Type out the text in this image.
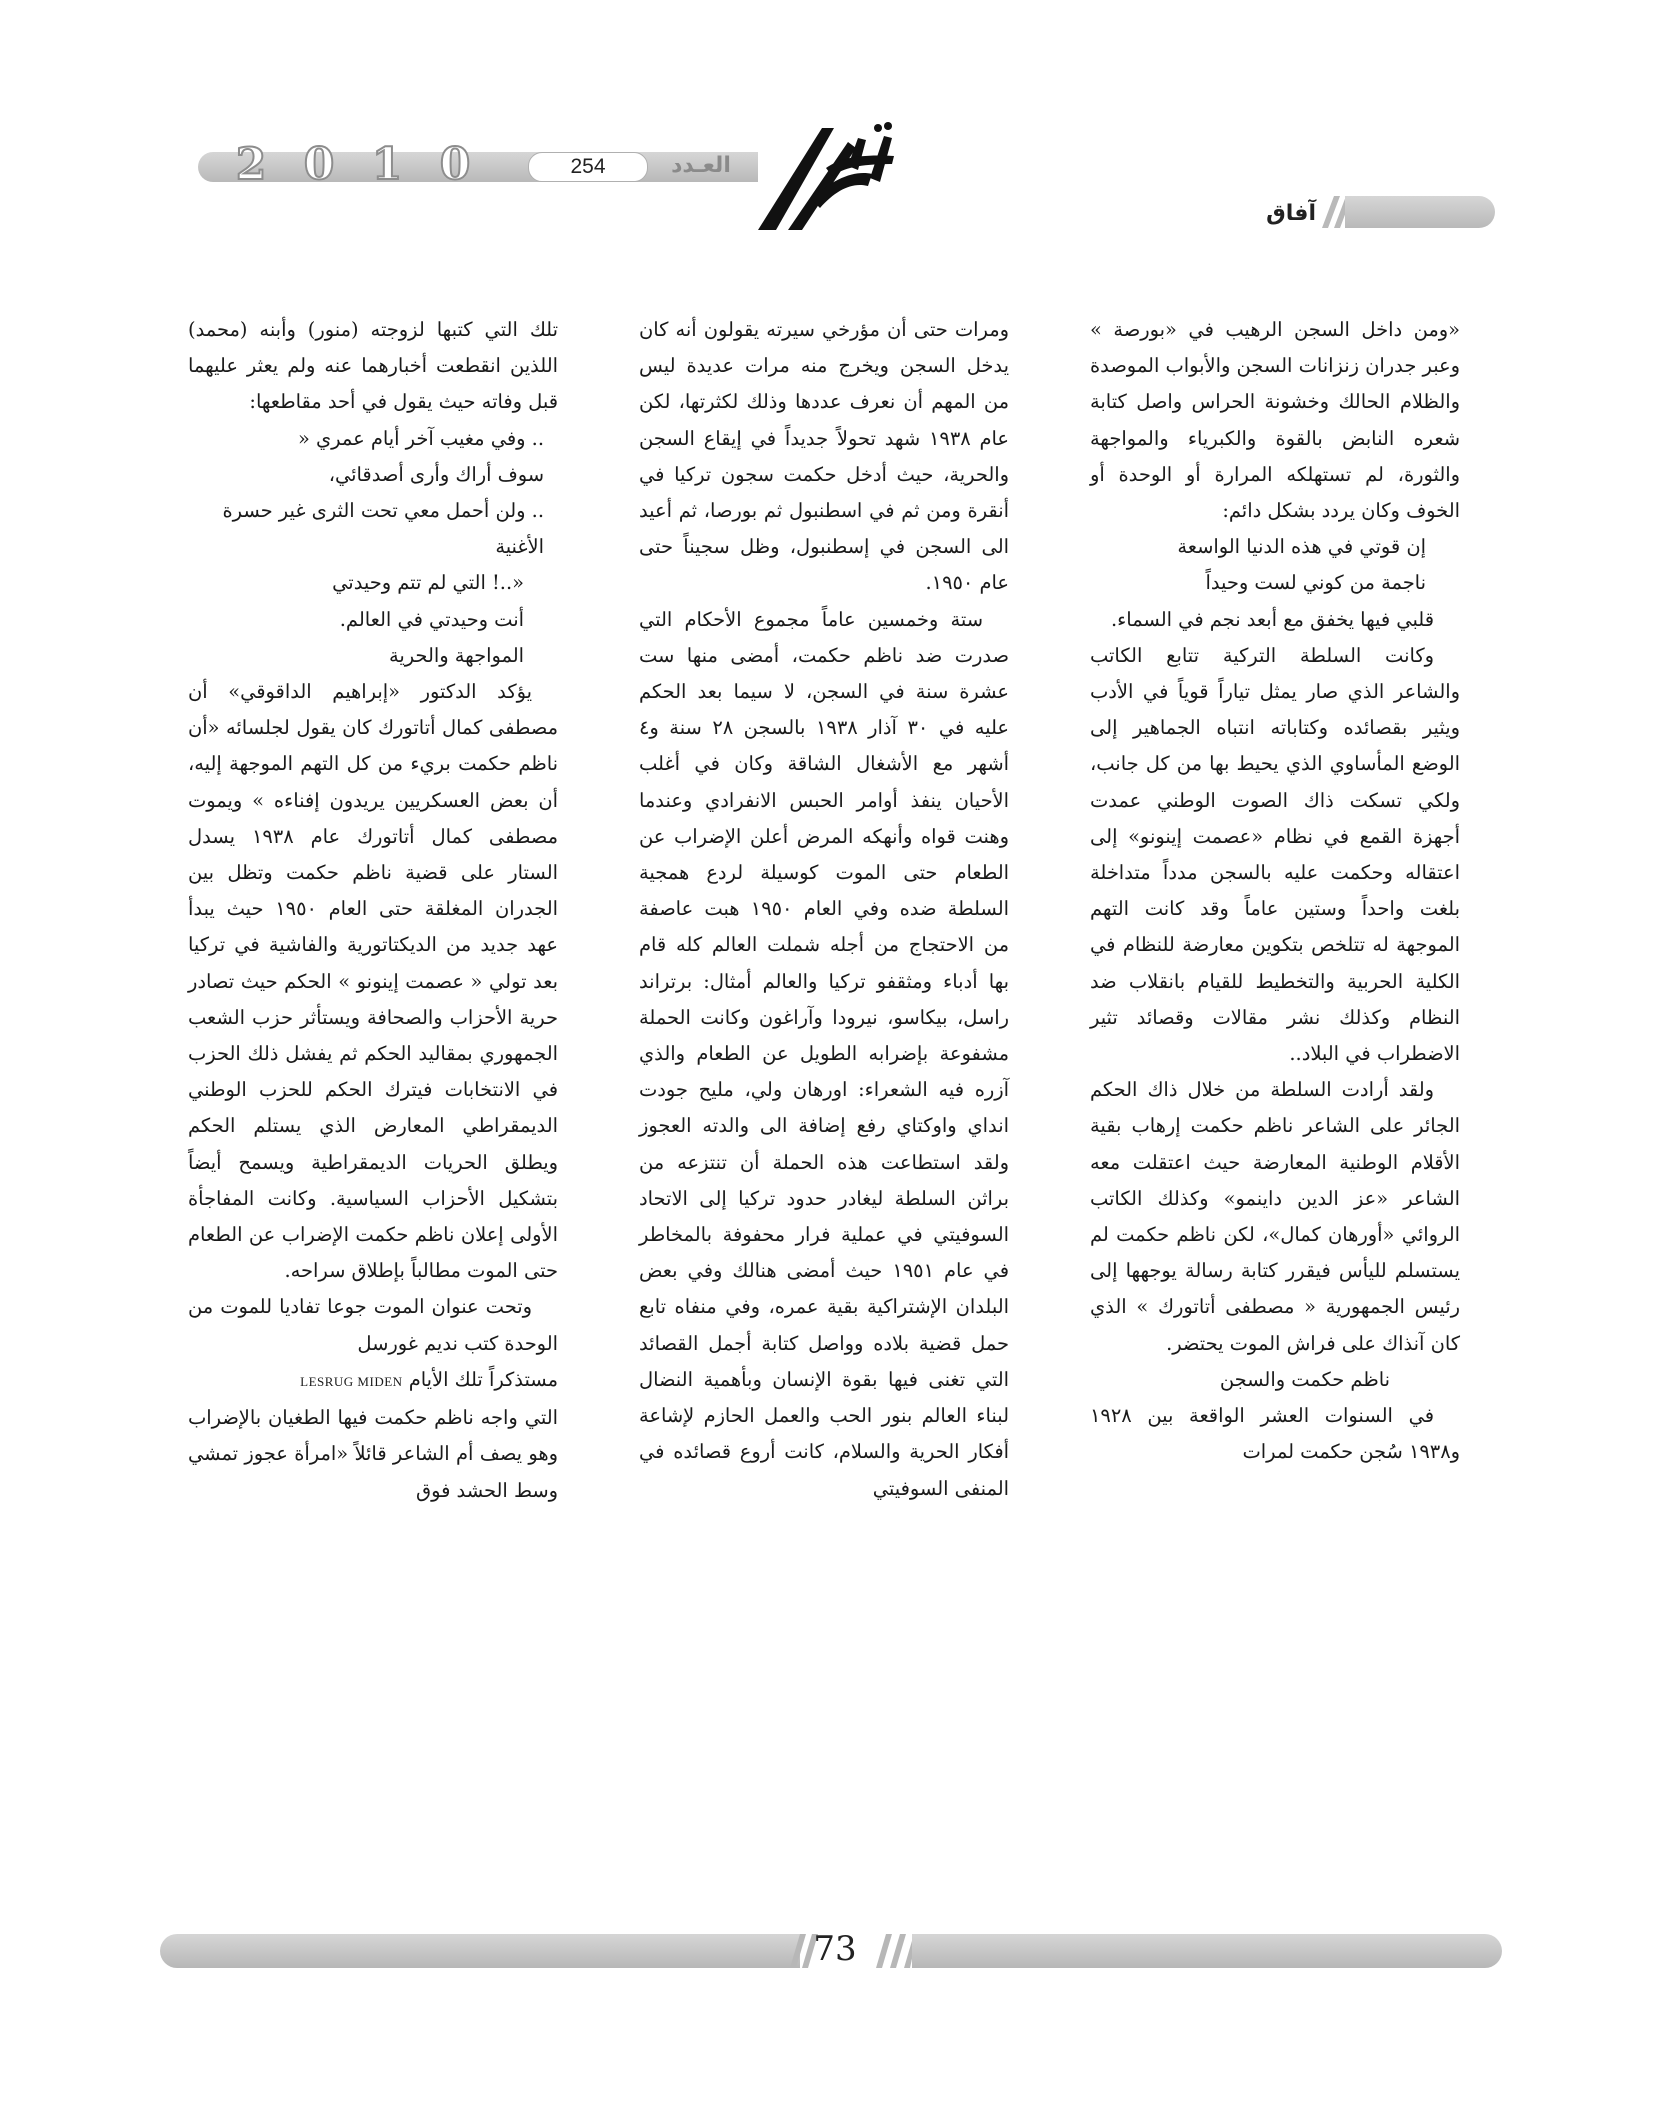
2 0 1 0	254	العـدد
آفاق

«ومن داخل السجن الرهيب في «بورصة » وعبر جدران زنزانات السجن والأبواب الموصدة والظلام الحالك وخشونة الحراس واصل كتابة شعره النابض بالقوة والكبرياء والمواجهة والثورة، لم تستهلكه المرارة أو الوحدة أو الخوف وكان يردد بشكل دائم:

إن قوتي في هذه الدنيا الواسعة

ناجمة من كوني لست وحيداً

قلبي فيها يخفق مع أبعد نجم في السماء.

وكانت السلطة التركية تتابع الكاتب والشاعر الذي صار يمثل تياراً قوياً في الأدب ويثير بقصائده وكتاباته انتباه الجماهير إلى الوضع المأساوي الذي يحيط بها من كل جانب، ولكي تسكت ذاك الصوت الوطني عمدت أجهزة القمع في نظام «عصمت إينونو» إلى اعتقاله وحكمت عليه بالسجن مدداً متداخلة بلغت واحداً وستين عاماً وقد كانت التهم الموجهة له تتلخص بتكوين معارضة للنظام في الكلية الحربية والتخطيط للقيام بانقلاب ضد النظام وكذلك نشر مقالات وقصائد تثير الاضطراب في البلاد..

ولقد أرادت السلطة من خلال ذاك الحكم الجائر على الشاعر ناظم حكمت إرهاب بقية الأقلام الوطنية المعارضة حيث اعتقلت معه الشاعر «عز الدين داينمو» وكذلك الكاتب الروائي «أورهان كمال»، لكن ناظم حكمت لم يستسلم لليأس فيقرر كتابة رسالة يوجهها إلى رئيس الجمهورية « مصطفى أتاتورك » الذي كان آنذاك على فراش الموت يحتضر.

ناظم حكمت والسجن

في السنوات العشر الواقعة بين ١٩٢٨ و١٩٣٨ سُجن حكمت لمرات

ومرات حتى أن مؤرخي سيرته يقولون أنه كان يدخل السجن ويخرج منه مرات عديدة ليس من المهم أن نعرف عددها وذلك لكثرتها، لكن عام ١٩٣٨ شهد تحولاً جديداً في إيقاع السجن والحرية، حيث أدخل حكمت سجون تركيا في أنقرة ومن ثم في اسطنبول ثم بورصا، ثم أعيد الى السجن في إسطنبول، وظل سجيناً حتى عام ١٩٥٠.

ستة وخمسين عاماً مجموع الأحكام التي صدرت ضد ناظم حكمت، أمضى منها ست عشرة سنة في السجن، لا سيما بعد الحكم عليه في ٣٠ آذار ١٩٣٨ بالسجن ٢٨ سنة و٤ أشهر مع الأشغال الشاقة وكان في أغلب الأحيان ينفذ أوامر الحبس الانفرادي وعندما وهنت قواه وأنهكه المرض أعلن الإضراب عن الطعام حتى الموت كوسيلة لردع همجية السلطة ضده وفي العام ١٩٥٠ هبت عاصفة من الاحتجاج من أجله شملت العالم كله قام بها أدباء ومثقفو تركيا والعالم أمثال: برتراند راسل، بيكاسو، نيرودا وآراغون وكانت الحملة مشفوعة بإضرابه الطويل عن الطعام والذي آزره فيه الشعراء: اورهان ولي، مليح جودت انداي واوكتاي رفع إضافة الى والدته العجوز ولقد استطاعت هذه الحملة أن تنتزعه من براثن السلطة ليغادر حدود تركيا إلى الاتحاد السوفيتي في عملية فرار محفوفة بالمخاطر في عام ١٩٥١ حيث أمضى هنالك وفي بعض البلدان الإشتراكية بقية عمره، وفي منفاه تابع حمل قضية بلاده وواصل كتابة أجمل القصائد التي تغنى فيها بقوة الإنسان وبأهمية النضال لبناء العالم بنور الحب والعمل الحازم لإشاعة أفكار الحرية والسلام، كانت أروع قصائده في المنفى السوفيتي

تلك التي كتبها لزوجته (منور) وأبنه (محمد) اللذين انقطعت أخبارهما عنه ولم يعثر عليهما قبل وفاته حيث يقول في أحد مقاطعها:

.. وفي مغيب آخر أيام عمري «

سوف أراك وأرى أصدقائي،

.. ولن أحمل معي تحت الثرى غير حسرة الأغنية

«..! التي لم تتم وحيدتي

أنت وحيدتي في العالم.

المواجهة والحرية

يؤكد الدكتور «إبراهيم الداقوقي» أن مصطفى كمال أتاتورك كان يقول لجلسائه «أن ناظم حكمت بريء من كل التهم الموجهة إليه، أن بعض العسكريين يريدون إفناءه » ويموت مصطفى كمال أتاتورك عام ١٩٣٨ يسدل الستار على قضية ناظم حكمت وتظل بين الجدران المغلقة حتى العام ١٩٥٠ حيث يبدأ عهد جديد من الديكتاتورية والفاشية في تركيا بعد تولي « عصمت إينونو » الحكم حيث تصادر حرية الأحزاب والصحافة ويستأثر حزب الشعب الجمهوري بمقاليد الحكم ثم يفشل ذلك الحزب في الانتخابات فيترك الحكم للحزب الوطني الديمقراطي المعارض الذي يستلم الحكم ويطلق الحريات الديمقراطية ويسمح أيضاً بتشكيل الأحزاب السياسية. وكانت المفاجأة الأولى إعلان ناظم حكمت الإضراب عن الطعام حتى الموت مطالباً بإطلاق سراحه.

وتحت عنوان الموت جوعا تفاديا للموت من الوحدة كتب نديم غورسل

مستذكراً تلك الأيام LESRUG MIDEN

التي واجه ناظم حكمت فيها الطغيان بالإضراب وهو يصف أم الشاعر قائلاً «امرأة عجوز تمشي وسط الحشد فوق

73
